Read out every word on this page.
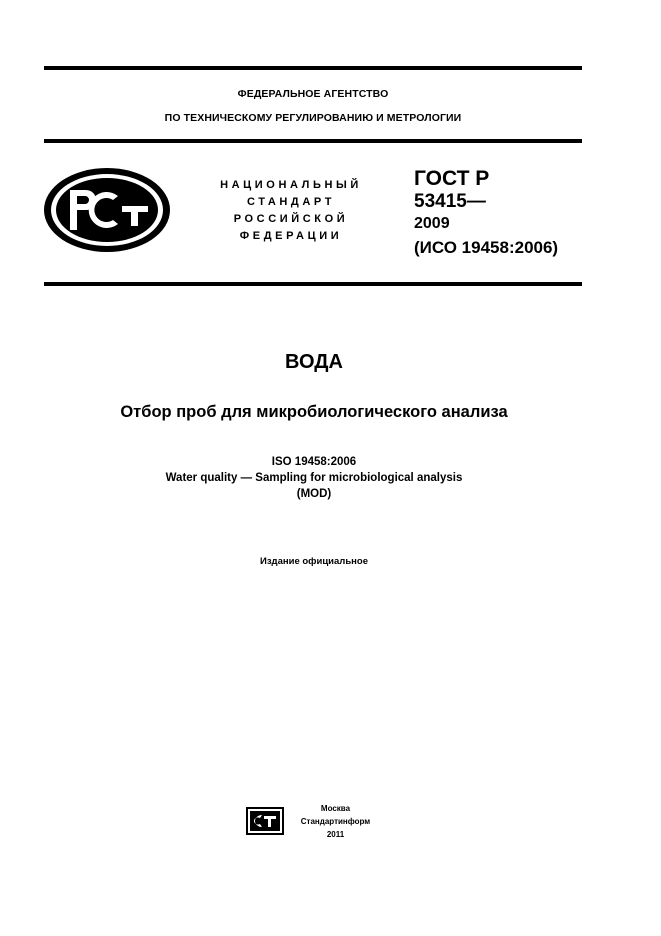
ФЕДЕРАЛЬНОЕ АГЕНТСТВО
ПО ТЕХНИЧЕСКОМУ РЕГУЛИРОВАНИЮ И МЕТРОЛОГИИ
НАЦИОНАЛЬНЫЙ
СТАНДАРТ
РОССИЙСКОЙ
ФЕДЕРАЦИИ
ГОСТ Р
53415—
2009
(ИСО 19458:2006)
ВОДА
Отбор проб для микробиологического анализа
ISO 19458:2006
Water quality — Sampling for microbiological analysis
(MOD)
Издание официальное
Москва
Стандартинформ
2011
